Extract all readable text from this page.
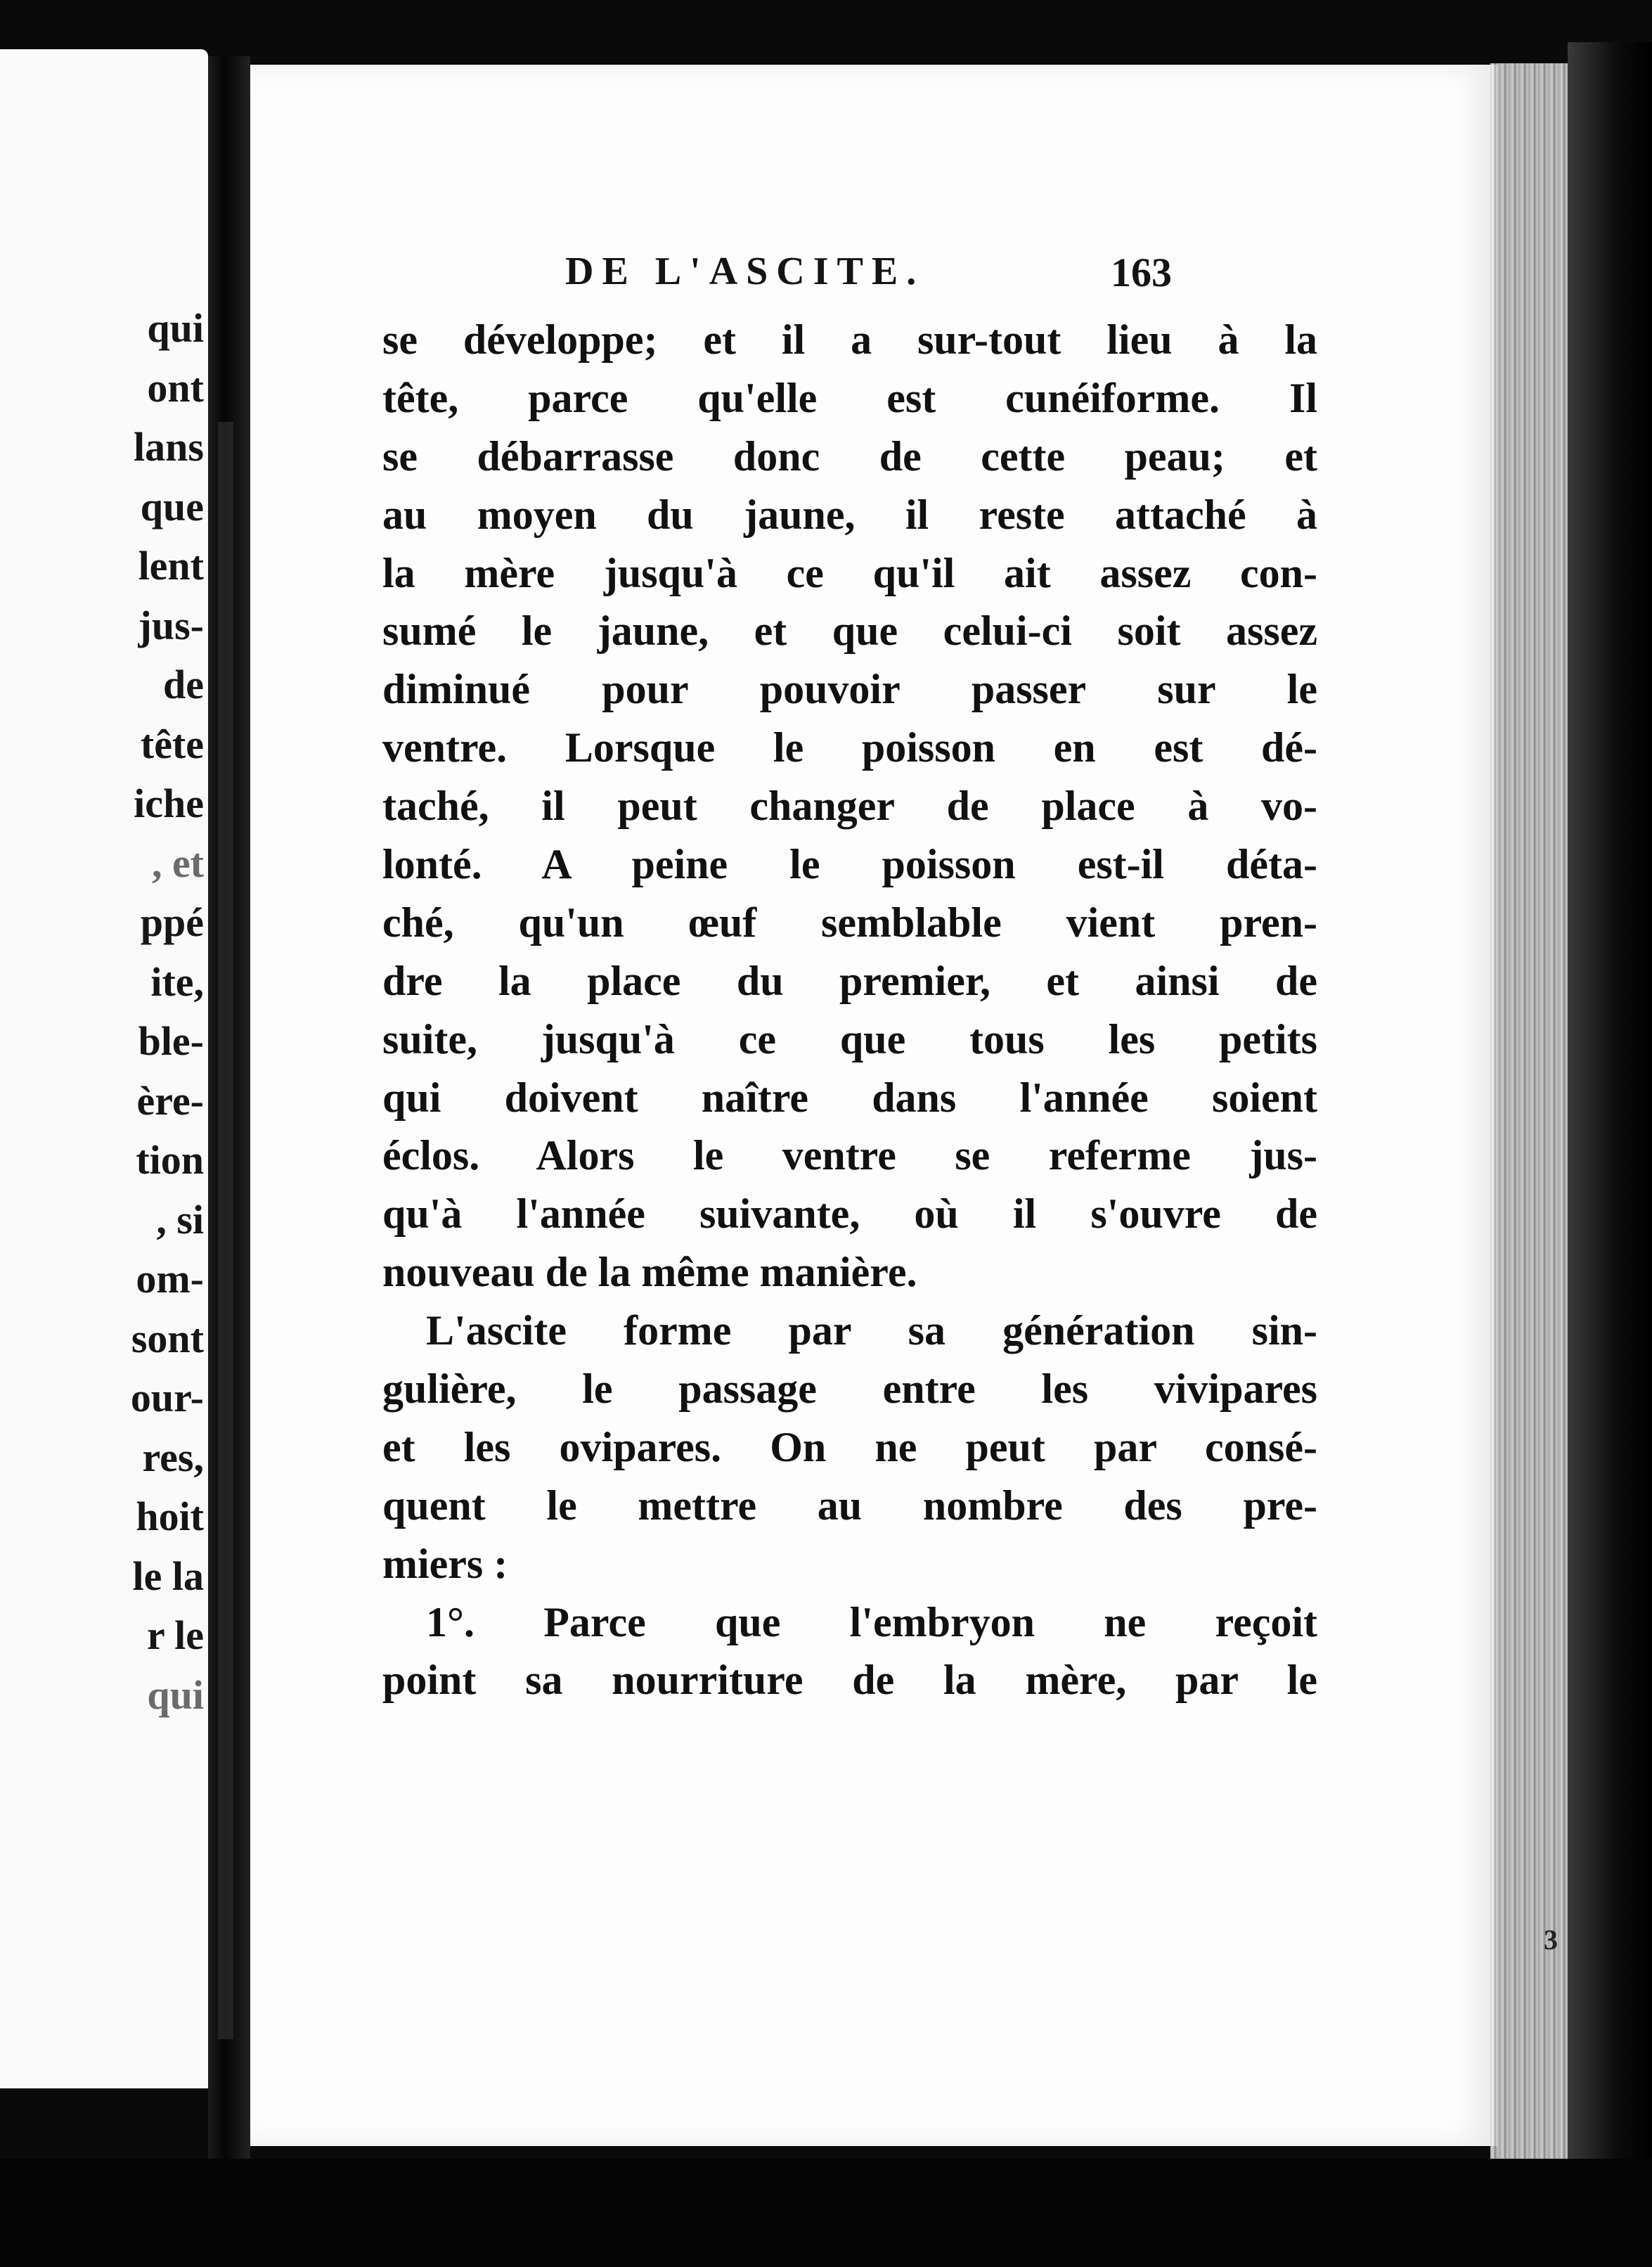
qui
ont
lans
que
lent
jus-
de
tête
iche
, et
ppé
ite,
ble-
ère-
tion
, si
om-
sont
our-
res,
hoit
le la
r le
qui
DE L'ASCITE.	163
se développe; et il a sur-tout lieu à la
tête, parce qu'elle est cunéiforme. Il
se débarrasse donc de cette peau; et
au moyen du jaune, il reste attaché à
la mère jusqu'à ce qu'il ait assez con-
sumé le jaune, et que celui-ci soit assez
diminué pour pouvoir passer sur le
ventre. Lorsque le poisson en est dé-
taché, il peut changer de place à vo-
lonté. A peine le poisson est-il déta-
ché, qu'un œuf semblable vient pren-
dre la place du premier, et ainsi de
suite, jusqu'à ce que tous les petits
qui doivent naître dans l'année soient
éclos. Alors le ventre se referme jus-
qu'à l'année suivante, où il s'ouvre de
nouveau de la même manière.
L'ascite forme par sa génération sin-
gulière, le passage entre les vivipares
et les ovipares. On ne peut par consé-
quent le mettre au nombre des pre-
miers :
1°. Parce que l'embryon ne reçoit
point sa nourriture de la mère, par le
3
